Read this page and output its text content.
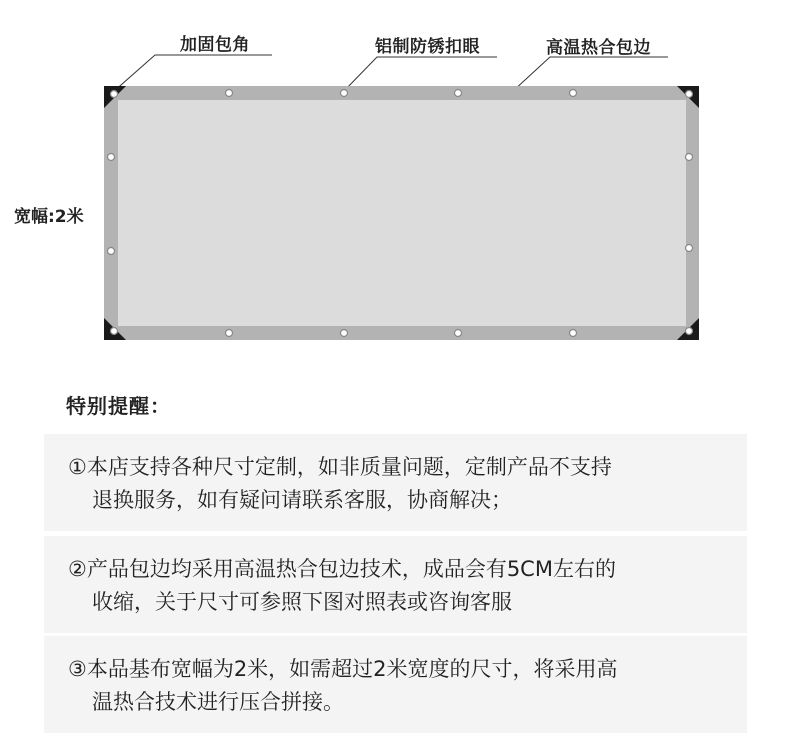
加固包角	铝制防锈扣眼	高温热合包边
宽幅:2米
特别提醒：
①本店支持各种尺寸定制，如非质量问题，定制产品不支持
退换服务，如有疑问请联系客服，协商解决；
②产品包边均采用高温热合包边技术，成品会有5CM左右的
收缩，关于尺寸可参照下图对照表或咨询客服
③本品基布宽幅为2米，如需超过2米宽度的尺寸，将采用高
温热合技术进行压合拼接。
